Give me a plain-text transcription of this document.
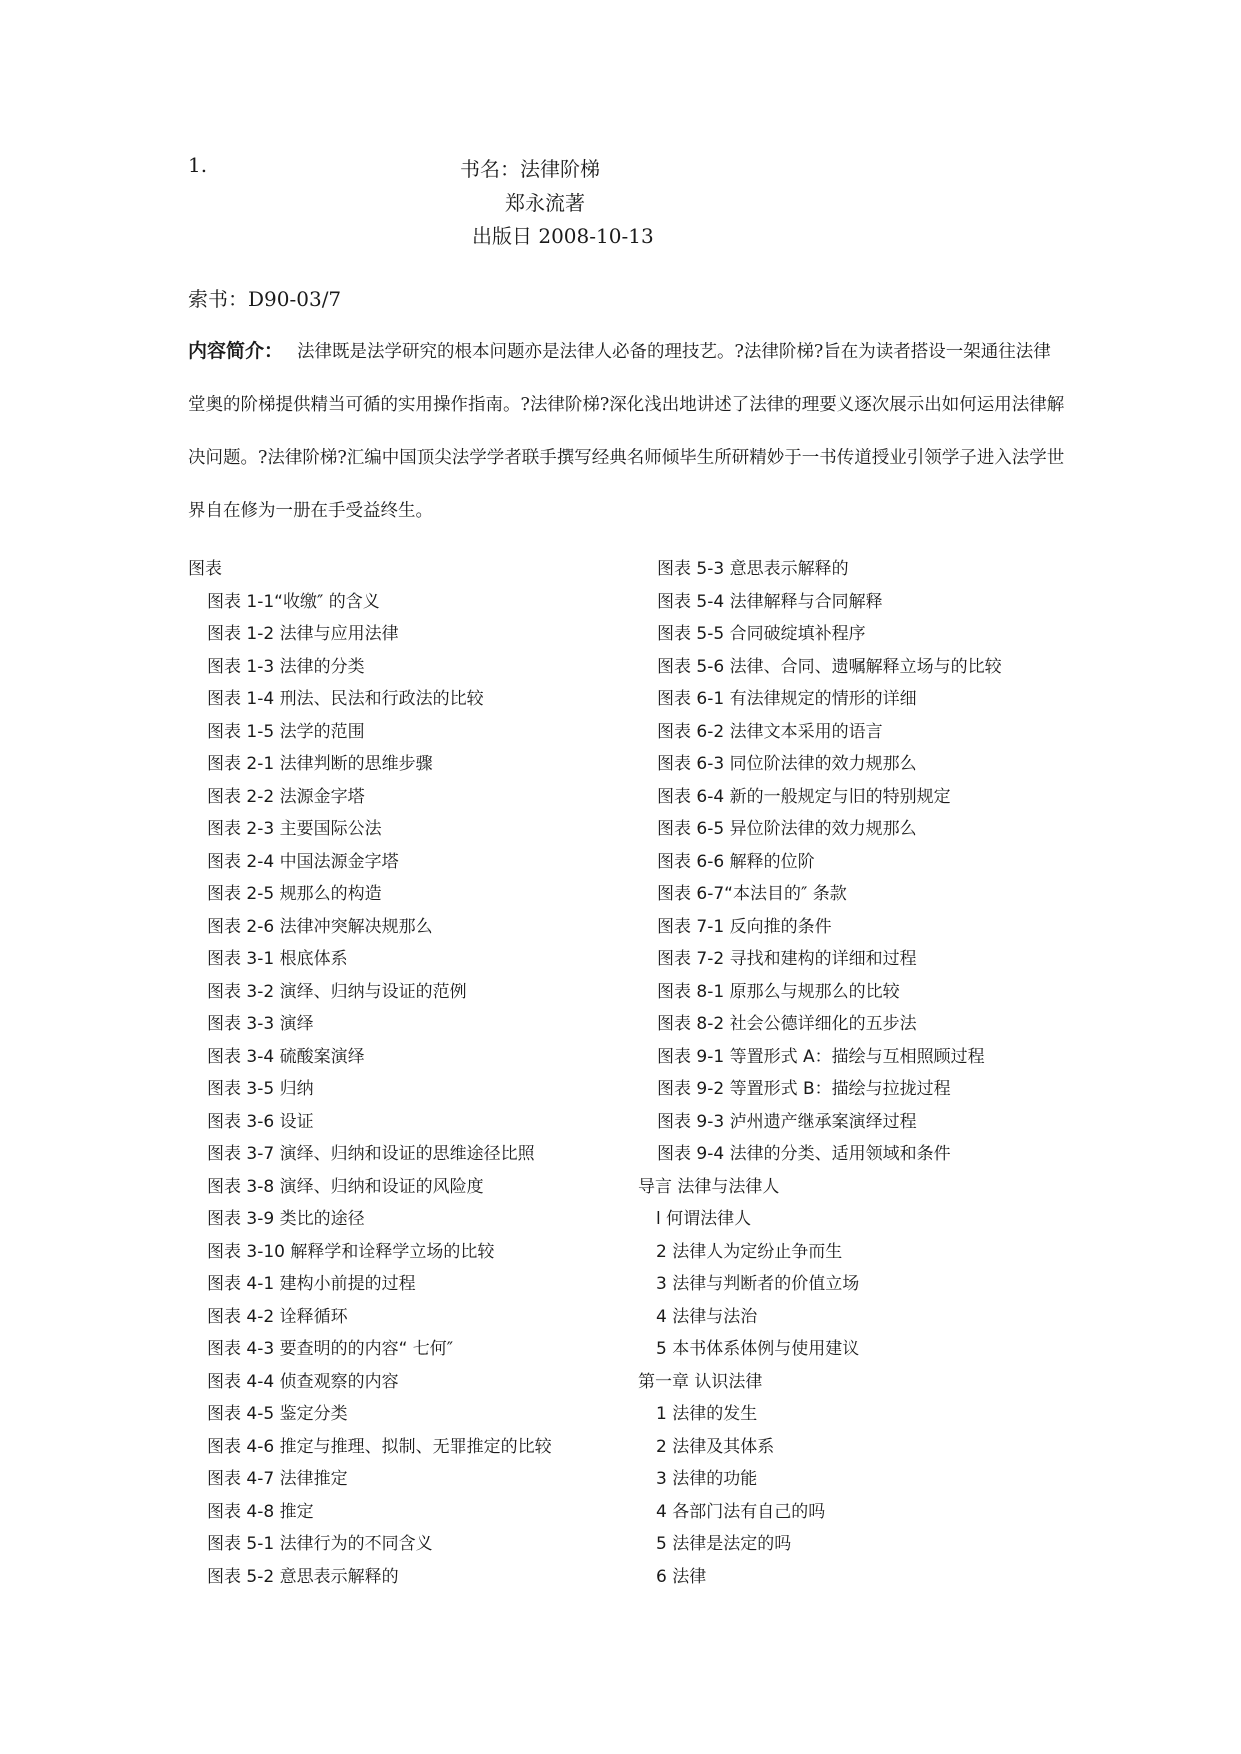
1.	书名：法律阶梯
郑永流著
出版日 2008-10-13
索书：D90-03/7
内容简介： 法律既是法学研究的根本问题亦是法律人必备的理技艺。?法律阶梯?旨在为读者搭设一架通往法律堂奥的阶梯提供精当可循的实用操作指南。?法律阶梯?深化浅出地讲述了法律的理要义逐次展示出如何运用法律解决问题。?法律阶梯?汇编中国顶尖法学学者联手撰写经典名师倾毕生所研精妙于一书传道授业引领学子进入法学世界自在修为一册在手受益终生。
图表
图表 1-1“收缴″ 的含义
图表 1-2 法律与应用法律
图表 1-3 法律的分类
图表 1-4 刑法、民法和行政法的比较
图表 1-5 法学的范围
图表 2-1 法律判断的思维步骤
图表 2-2 法源金字塔
图表 2-3 主要国际公法
图表 2-4 中国法源金字塔
图表 2-5 规那么的构造
图表 2-6 法律冲突解决规那么
图表 3-1 根底体系
图表 3-2 演绎、归纳与设证的范例
图表 3-3 演绎
图表 3-4 硫酸案演绎
图表 3-5 归纳
图表 3-6 设证
图表 3-7 演绎、归纳和设证的思维途径比照
图表 3-8 演绎、归纳和设证的风险度
图表 3-9 类比的途径
图表 3-10 解释学和诠释学立场的比较
图表 4-1 建构小前提的过程
图表 4-2 诠释循环
图表 4-3 要查明的的内容“ 七何″
图表 4-4 侦查观察的内容
图表 4-5 鉴定分类
图表 4-6 推定与推理、拟制、无罪推定的比较
图表 4-7 法律推定
图表 4-8 推定
图表 5-1 法律行为的不同含义
图表 5-2 意思表示解释的
图表 5-3 意思表示解释的
图表 5-4 法律解释与合同解释
图表 5-5 合同破绽填补程序
图表 5-6 法律、合同、遗嘱解释立场与的比较
图表 6-1 有法律规定的情形的详细
图表 6-2 法律文本采用的语言
图表 6-3 同位阶法律的效力规那么
图表 6-4 新的一般规定与旧的特别规定
图表 6-5 异位阶法律的效力规那么
图表 6-6 解释的位阶
图表 6-7“本法目的″ 条款
图表 7-1 反向推的条件
图表 7-2 寻找和建构的详细和过程
图表 8-1 原那么与规那么的比较
图表 8-2 社会公德详细化的五步法
图表 9-1 等置形式 A：描绘与互相照顾过程
图表 9-2 等置形式 B：描绘与拉拢过程
图表 9-3 泸州遗产继承案演绎过程
图表 9-4 法律的分类、适用领域和条件
导言 法律与法律人
l 何谓法律人
2 法律人为定纷止争而生
3 法律与判断者的价值立场
4 法律与法治
5 本书体系体例与使用建议
第一章 认识法律
1 法律的发生
2 法律及其体系
3 法律的功能
4 各部门法有自己的吗
5 法律是法定的吗
6 法律
